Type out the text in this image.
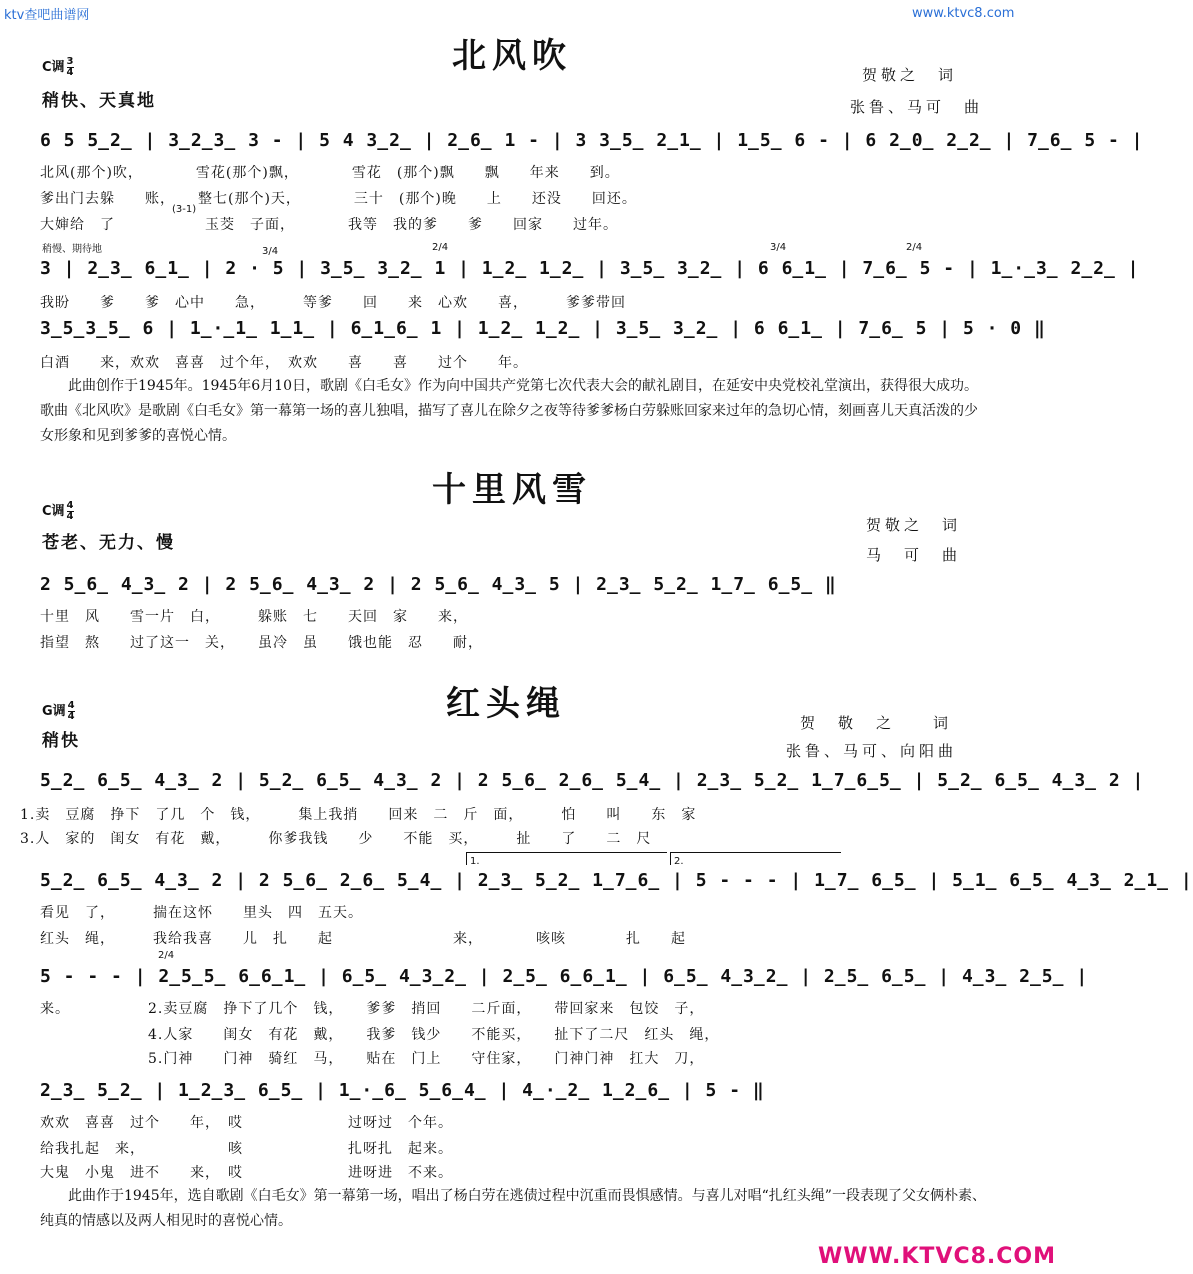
ktv查吧曲谱网	www.ktvc8.com
北风吹
C调 $\frac{3}{4}$
稍快、天真地
贺敬之　词
张鲁、马可　曲
6 5 5̲2̲ | 3̲2̲3̲ 3 - | 5 4 3̲2̲ | 2̲6̲ 1 - | 3 3̲5̲ 2̲1̲ | 1̲5̲ 6 - | 6 2̲0̲ 2̲2̲ | 7̲6̲ 5 - |
北风(那个)吹，　　　　雪花(那个)飘，　　　　雪花　(那个)飘　　飘　　年来　　到。
爹出门去躲　　账，　　整七(那个)天，　　　　三十　(那个)晚　　上　　还没　　回还。
(3-1)
大婶给　了　　　　　　玉茭　子面，　　　　我等　我的爹　　爹　　回家　　过年。
稍慢、期待地	3/4	2/4	3/4	2/4
3 | 2̲3̲ 6̲1̲ | 2 · 5 | 3̲5̲ 3̲2̲ 1 | 1̲2̲ 1̲2̲ | 3̲5̲ 3̲2̲ | 6 6̲1̲ | 7̲6̲ 5 - | 1̲·̲3̲ 2̲2̲ |
我盼　　爹　　爹　心中　　急，　　　等爹　　回　　来　心欢　　喜，　　　爹爹带回
3̲5̲3̲5̲ 6 | 1̲·̲1̲ 1̲1̲ | 6̲1̲6̲ 1 | 1̲2̲ 1̲2̲ | 3̲5̲ 3̲2̲ | 6 6̲1̲ | 7̲6̲ 5 | 5 · 0 ‖
白酒　　来，欢欢　喜喜　过个年，　欢欢　　喜　　喜　　过个　　年。
此曲创作于1945年。1945年6月10日，歌剧《白毛女》作为向中国共产党第七次代表大会的献礼剧目，在延安中央党校礼堂演出，获得很大成功。歌曲《北风吹》是歌剧《白毛女》第一幕第一场的喜儿独唱，描写了喜儿在除夕之夜等待爹爹杨白劳躲账回家来过年的急切心情，刻画喜儿天真活泼的少女形象和见到爹爹的喜悦心情。
十里风雪
C调 $\frac{4}{4}$
苍老、无力、慢
贺敬之　词
马　可　曲
2 5̲6̲ 4̲3̲ 2 | 2 5̲6̲ 4̲3̲ 2 | 2 5̲6̲ 4̲3̲ 5 | 2̲3̲ 5̲2̲ 1̲7̲ 6̲5̲ ‖
十里　风　　雪一片　白，　　　躲账　七　　天回　家　　来，
指望　熬　　过了这一　关，　　虽冷　虽　　饿也能　忍　　耐，
红头绳
G调 $\frac{4}{4}$
稍快
贺　敬　之　　词
张鲁、马可、向阳曲
5̲2̲ 6̲5̲ 4̲3̲ 2 | 5̲2̲ 6̲5̲ 4̲3̲ 2 | 2 5̲6̲ 2̲6̲ 5̲4̲ | 2̲3̲ 5̲2̲ 1̲7̲6̲5̲ | 5̲2̲ 6̲5̲ 4̲3̲ 2 |
1.卖　豆腐　挣下　了几　个　钱，　　　集上我捎　　回来　二　斤　面，　　　怕　　叫　　东　家
3.人　家的　闺女　有花　戴，　　　你爹我钱　　少　　不能　买，　　　扯　　了　　二　尺
1.	2.
5̲2̲ 6̲5̲ 4̲3̲ 2 | 2 5̲6̲ 2̲6̲ 5̲4̲ | 2̲3̲ 5̲2̲ 1̲7̲6̲ | 5 - - - | 1̲7̲ 6̲5̲ | 5̲1̲ 6̲5̲ 4̲3̲ 2̲1̲ |
看见　了，　　　揣在这怀　　里头　四　五天。
红头　绳，　　　我给我喜　　儿　扎　　起　　　　　　　　来，　　　　咳咳　　　　扎　　起
2/4
5 - - - | 2̲5̲5̲ 6̲6̲1̲ | 6̲5̲ 4̲3̲2̲ | 2̲5̲ 6̲6̲1̲ | 6̲5̲ 4̲3̲2̲ | 2̲5̲ 6̲5̲ | 4̲3̲ 2̲5̲ |
来。	2.卖豆腐　挣下了几个　钱，　　爹爹　捎回　　二斤面，　　带回家来　包饺　子，
4.人家　　闺女　有花　戴，　　我爹　钱少　　不能买，　　扯下了二尺　红头　绳，
5.门神　　门神　骑红　马，　　贴在　门上　　守住家，　　门神门神　扛大　刀，
2̲3̲ 5̲2̲ | 1̲2̲3̲ 6̲5̲ | 1̲·̲6̲ 5̲6̲4̲ | 4̲·̲2̲ 1̲2̲6̲ | 5 - ‖
欢欢　喜喜　过个　　年，　哎　　　　　　　过呀过　个年。
给我扎起　来，　　　　　　咳　　　　　　　扎呀扎　起来。
大鬼　小鬼　进不　　来，　哎　　　　　　　进呀进　不来。
此曲作于1945年，选自歌剧《白毛女》第一幕第一场，唱出了杨白劳在逃债过程中沉重而畏惧感情。与喜儿对唱“扎红头绳”一段表现了父女俩朴素、纯真的情感以及两人相见时的喜悦心情。
WWW.KTVC8.COM
